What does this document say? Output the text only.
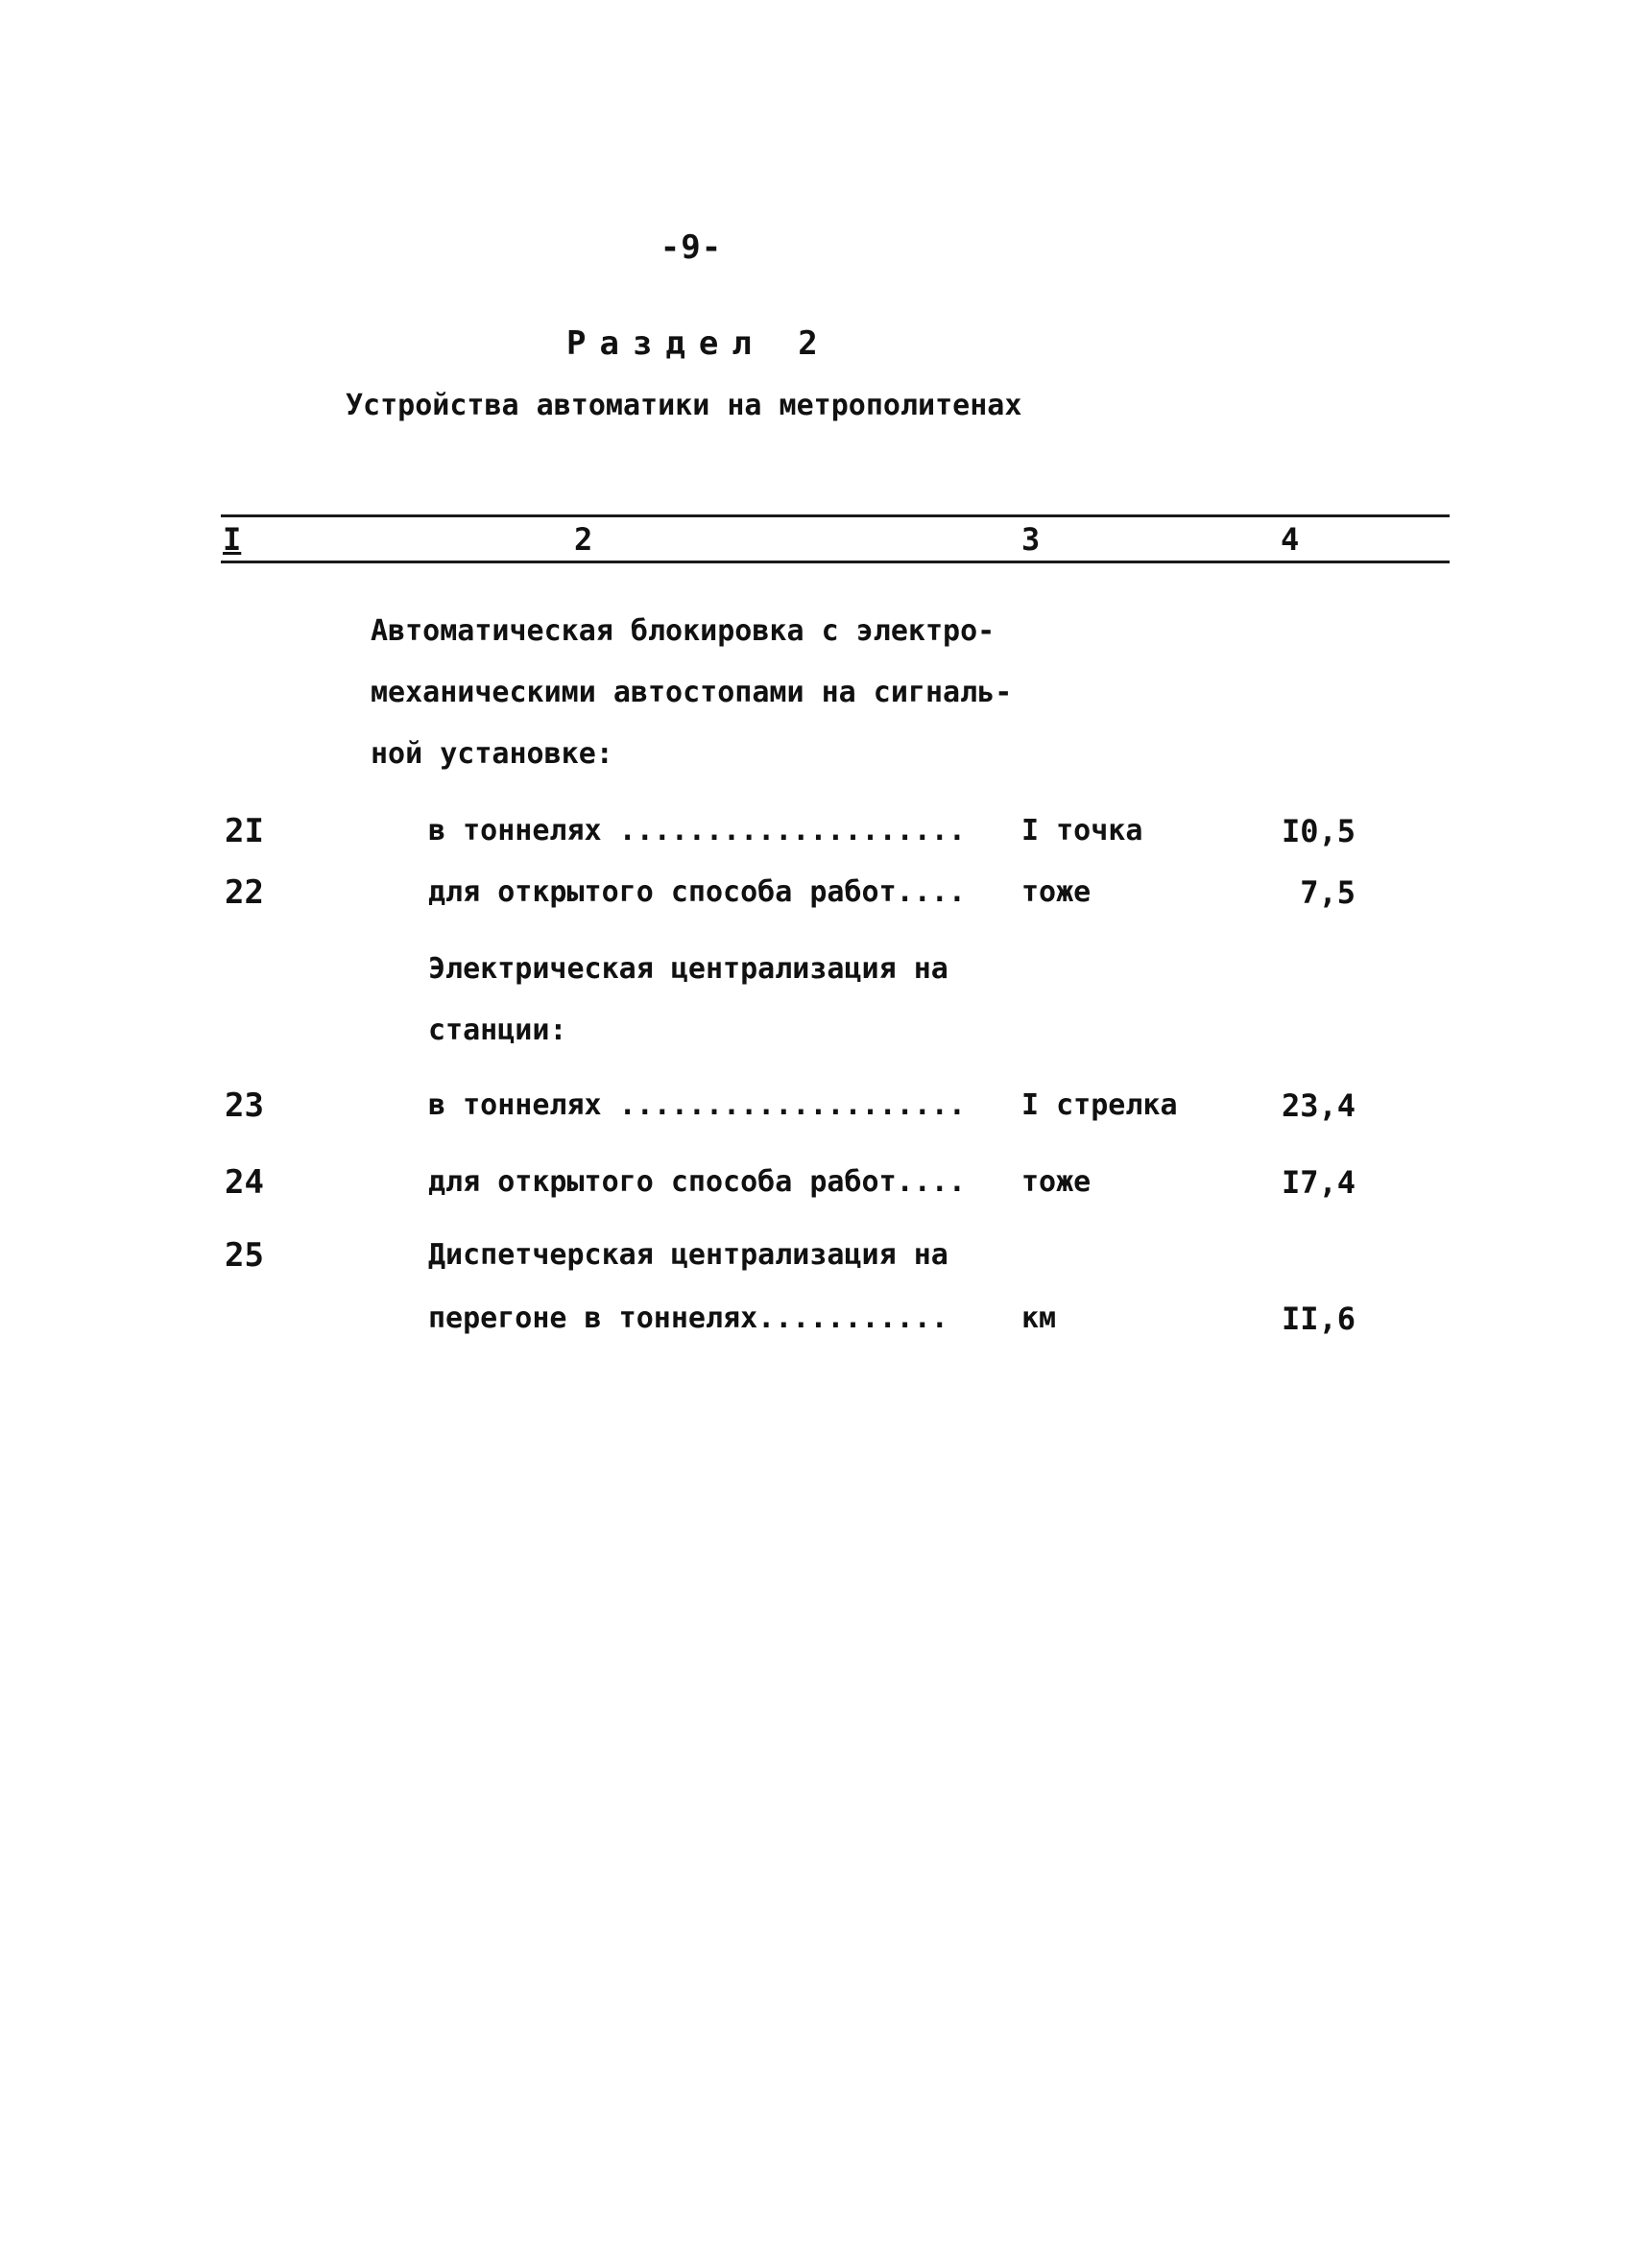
-9-
Раздел 2
Устройства автоматики на метрополитенах
I	2	3	4
Автоматическая блокировка с электро-
механическими автостопами на сигналь-
ной установке:
2I	в тоннелях .................... I точка	I0,5
22	для открытого способа работ.... тоже	7,5
Электрическая централизация на
станции:
23	в тоннелях .................... I стрелка	23,4
24	для открытого способа работ.... тоже	I7,4
25	Диспетчерская централизация на
перегоне в тоннелях...........	км	II,6
